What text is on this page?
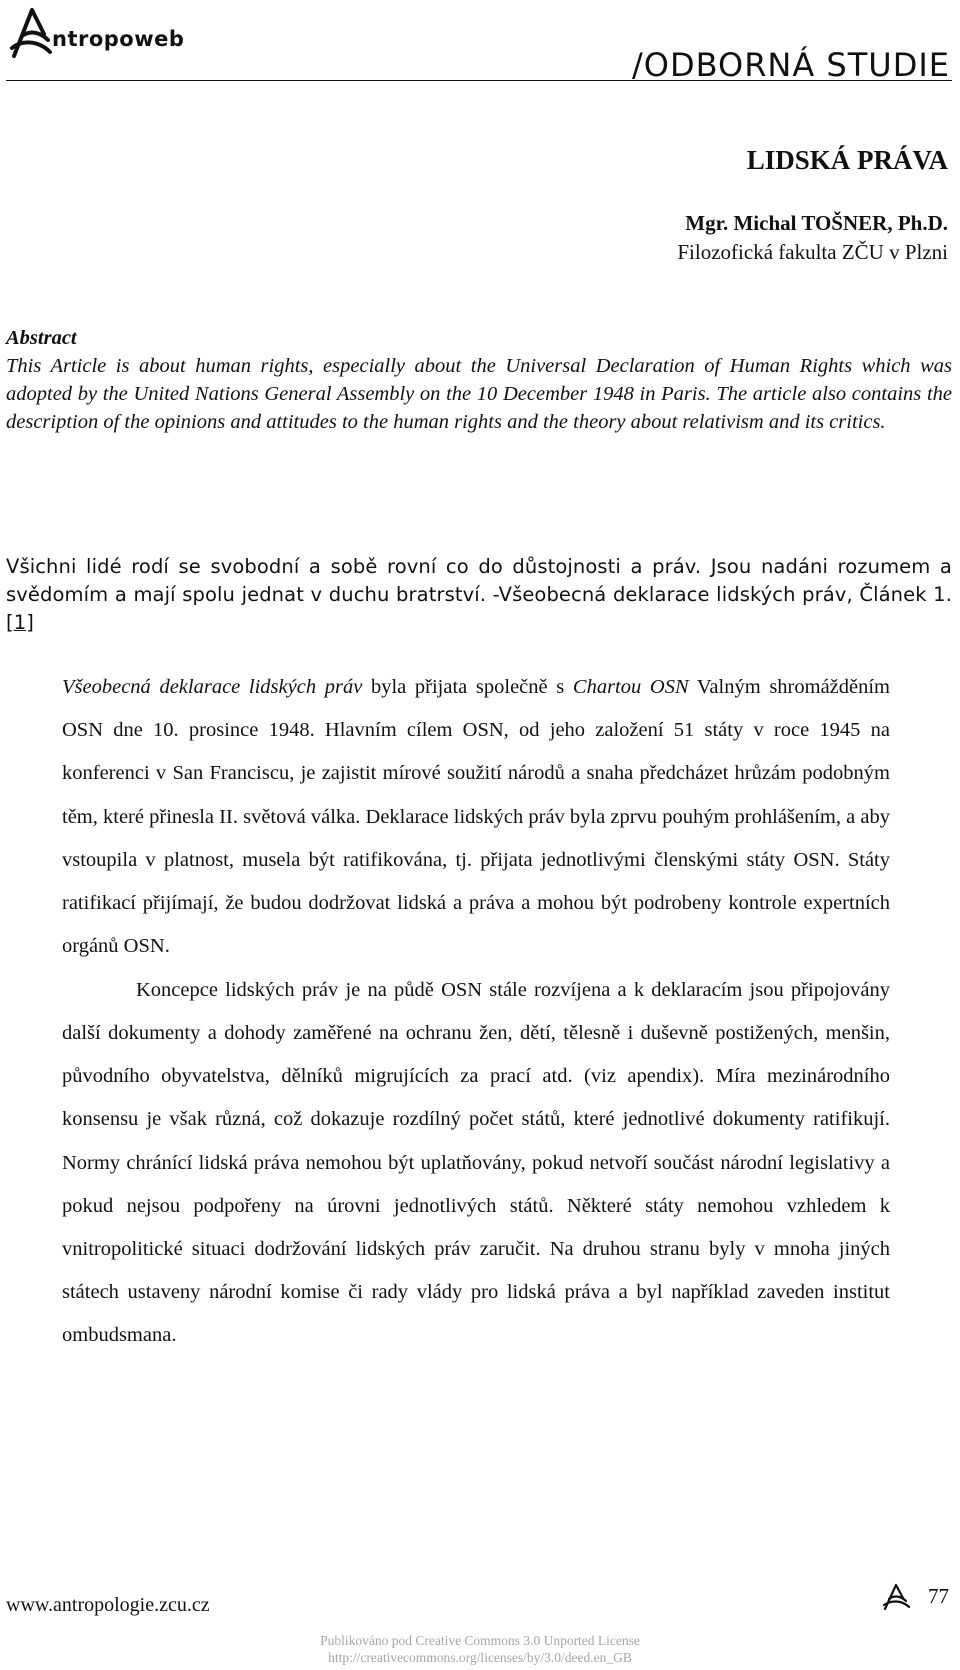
ntropoweb
/ODBORNÁ STUDIE
LIDSKÁ PRÁVA
Mgr. Michal TOŠNER, Ph.D.
Filozofická fakulta ZČU v Plzni

Abstract

This Article is about human rights, especially about the Universal Declaration of Human Rights which was adopted by the United Nations General Assembly on the 10 December 1948 in Paris. The article also contains the description of the opinions and attitudes to the human rights and the theory about relativism and its critics.

Všichni lidé rodí se svobodní a sobě rovní co do důstojnosti a práv. Jsou nadáni rozumem a svědomím a mají spolu jednat v duchu bratrství. -Všeobecná deklarace lidských práv, Článek 1. [1]

Všeobecná deklarace lidských práv byla přijata společně s Chartou OSN Valným shromážděním OSN dne 10. prosince 1948. Hlavním cílem OSN, od jeho založení 51 státy v roce 1945 na konferenci v San Franciscu, je zajistit mírové soužití národů a snaha předcházet hrůzám podobným těm, které přinesla II. světová válka. Deklarace lidských práv byla zprvu pouhým prohlášením, a aby vstoupila v platnost, musela být ratifikována, tj. přijata jednotlivými členskými státy OSN. Státy ratifikací přijímají, že budou dodržovat lidská a práva a mohou být podrobeny kontrole expertních orgánů OSN.

Koncepce lidských práv je na půdě OSN stále rozvíjena a k deklaracím jsou připojovány další dokumenty a dohody zaměřené na ochranu žen, dětí, tělesně i duševně postižených, menšin, původního obyvatelstva, dělníků migrujících za prací atd. (viz apendix). Míra mezinárodního konsensu je však různá, což dokazuje rozdílný počet států, které jednotlivé dokumenty ratifikují. Normy chránící lidská práva nemohou být uplatňovány, pokud netvoří součást národní legislativy a pokud nejsou podpořeny na úrovni jednotlivých států. Některé státy nemohou vzhledem k vnitropolitické situaci dodržování lidských práv zaručit. Na druhou stranu byly v mnoha jiných státech ustaveny národní komise či rady vlády pro lidská práva a byl například zaveden institut ombudsmana.

www.antropologie.zcu.cz	77
Publikováno pod Creative Commons 3.0 Unported License
http://creativecommons.org/licenses/by/3.0/deed.en_GB
